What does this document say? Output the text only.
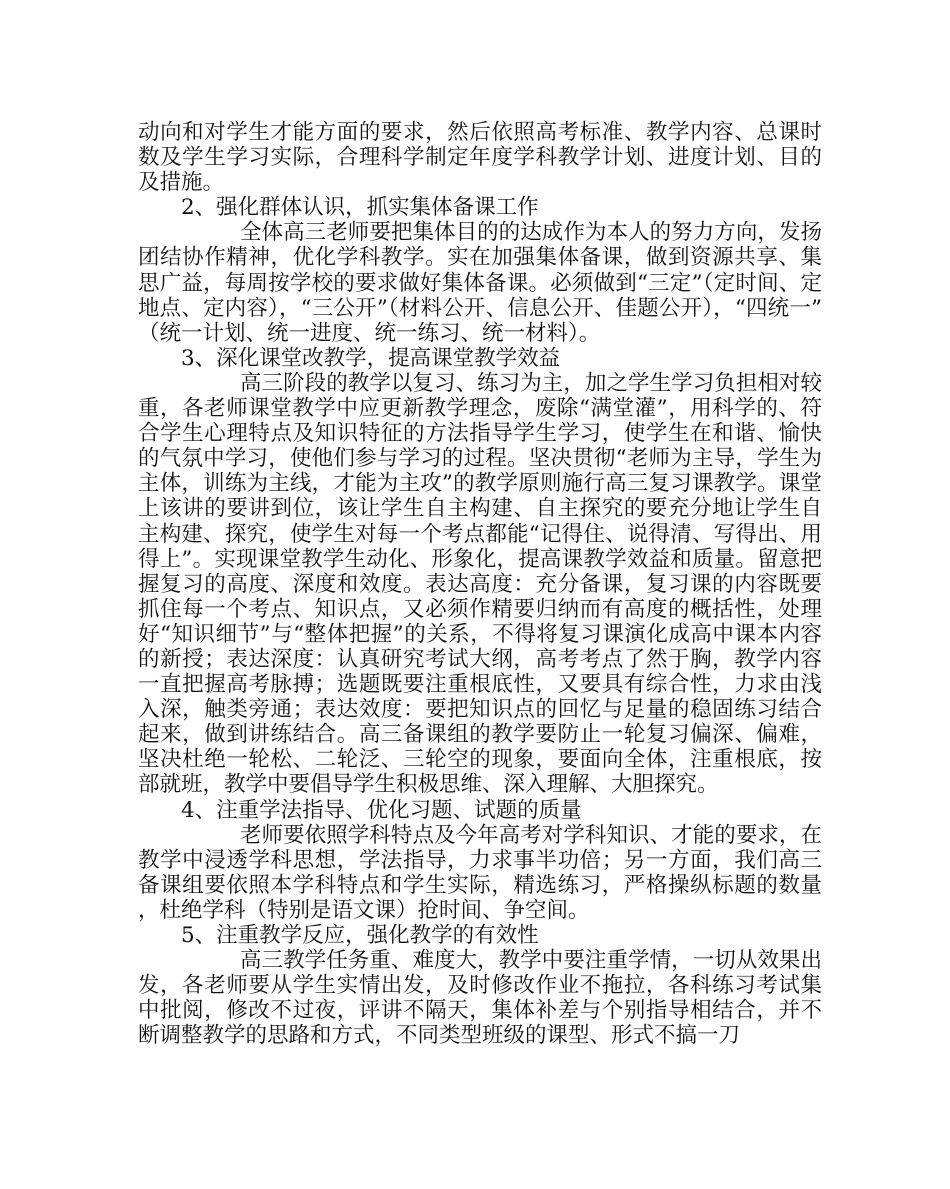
动向和对学生才能方面的要求，然后依照高考标准、教学内容、总课时数及学生学习实际，合理科学制定年度学科教学计划、进度计划、目的及措施。

2、强化群体认识，抓实集体备课工作

全体高三老师要把集体目的的达成作为本人的努力方向，发扬团结协作精神，优化学科教学。实在加强集体备课，做到资源共享、集思广益，每周按学校的要求做好集体备课。必须做到“三定”（定时间、定地点、定内容），“三公开”（材料公开、信息公开、佳题公开），“四统一”（统一计划、统一进度、统一练习、统一材料）。

3、深化课堂改教学，提高课堂教学效益

高三阶段的教学以复习、练习为主，加之学生学习负担相对较重，各老师课堂教学中应更新教学理念，废除“满堂灌”，用科学的、符合学生心理特点及知识特征的方法指导学生学习，使学生在和谐、愉快的气氛中学习，使他们参与学习的过程。坚决贯彻“老师为主导，学生为主体，训练为主线，才能为主攻”的教学原则施行高三复习课教学。课堂上该讲的要讲到位，该让学生自主构建、自主探究的要充分地让学生自主构建、探究，使学生对每一个考点都能“记得住、说得清、写得出、用得上”。实现课堂教学生动化、形象化，提高课教学效益和质量。留意把握复习的高度、深度和效度。表达高度：充分备课，复习课的内容既要抓住每一个考点、知识点，又必须作精要归纳而有高度的概括性，处理好“知识细节”与“整体把握”的关系，不得将复习课演化成高中课本内容的新授；表达深度：认真研究考试大纲，高考考点了然于胸，教学内容一直把握高考脉搏；选题既要注重根底性，又要具有综合性，力求由浅入深，触类旁通；表达效度：要把知识点的回忆与足量的稳固练习结合起来，做到讲练结合。高三备课组的教学要防止一轮复习偏深、偏难，坚决杜绝一轮松、二轮泛、三轮空的现象，要面向全体，注重根底，按部就班，教学中要倡导学生积极思维、深入理解、大胆探究。

4、注重学法指导、优化习题、试题的质量

老师要依照学科特点及今年高考对学科知识、才能的要求，在教学中浸透学科思想，学法指导，力求事半功倍；另一方面，我们高三备课组要依照本学科特点和学生实际，精选练习，严格操纵标题的数量，杜绝学科（特别是语文课）抢时间、争空间。

5、注重教学反应，强化教学的有效性

高三教学任务重、难度大，教学中要注重学情，一切从效果出发，各老师要从学生实情出发，及时修改作业不拖拉，各科练习考试集中批阅，修改不过夜，评讲不隔天，集体补差与个别指导相结合，并不断调整教学的思路和方式，不同类型班级的课型、形式不搞一刀
